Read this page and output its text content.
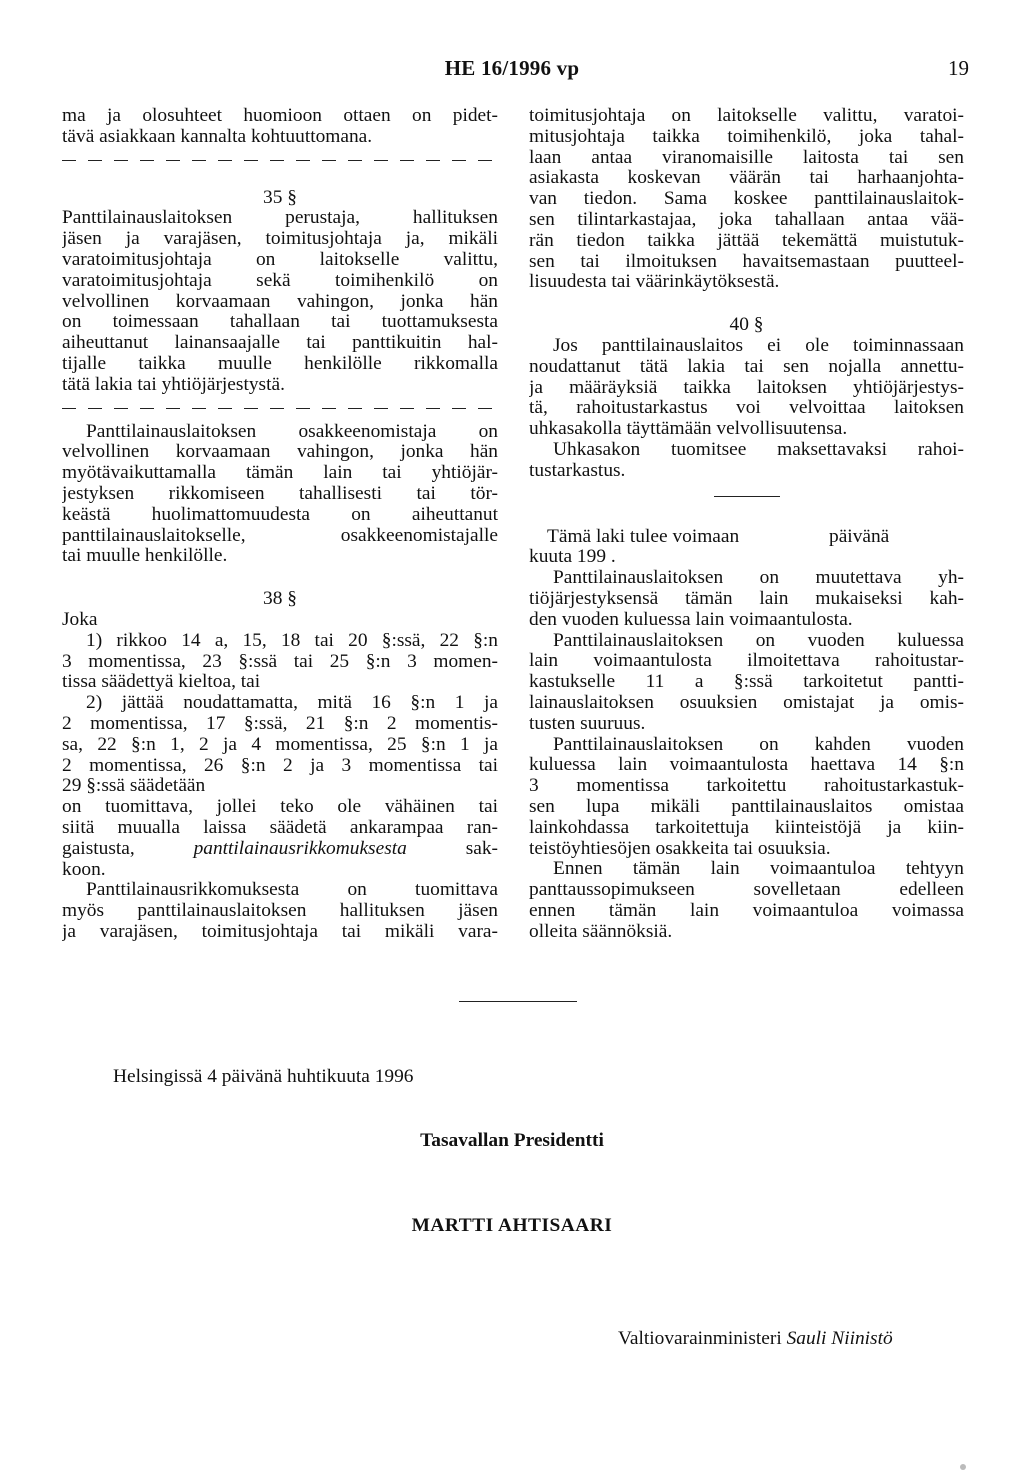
HE 16/1996 vp	19
ma ja olosuhteet huomioon ottaen on pidet-
tävä asiakkaan kannalta kohtuuttomana.
35 §
Panttilainauslaitoksen perustaja, hallituksen
jäsen ja varajäsen, toimitusjohtaja ja, mikäli
varatoimitusjohtaja on laitokselle valittu,
varatoimitusjohtaja sekä toimihenkilö on
velvollinen korvaamaan vahingon, jonka hän
on toimessaan tahallaan tai tuottamuksesta
aiheuttanut lainansaajalle tai panttikuitin hal-
tijalle taikka muulle henkilölle rikkomalla
tätä lakia tai yhtiöjärjestystä.
Panttilainauslaitoksen osakkeenomistaja on
velvollinen korvaamaan vahingon, jonka hän
myötävaikuttamalla tämän lain tai yhtiöjär-
jestyksen rikkomiseen tahallisesti tai tör-
keästä huolimattomuudesta on aiheuttanut
panttilainauslaitokselle, osakkeenomistajalle
tai muulle henkilölle.
38 §
Joka
1) rikkoo 14 a, 15, 18 tai 20 §:ssä, 22 §:n
3 momentissa, 23 §:ssä tai 25 §:n 3 momen-
tissa säädettyä kieltoa, tai
2) jättää noudattamatta, mitä 16 §:n 1 ja
2 momentissa, 17 §:ssä, 21 §:n 2 momentis-
sa, 22 §:n 1, 2 ja 4 momentissa, 25 §:n 1 ja
2 momentissa, 26 §:n 2 ja 3 momentissa tai
29 §:ssä säädetään
on tuomittava, jollei teko ole vähäinen tai
siitä muualla laissa säädetä ankarampaa ran-
gaistusta, panttilainausrikkomuksesta sak-
koon.
Panttilainausrikkomuksesta on tuomittava
myös panttilainauslaitoksen hallituksen jäsen
ja varajäsen, toimitusjohtaja tai mikäli vara-
toimitusjohtaja on laitokselle valittu, varatoi-
mitusjohtaja taikka toimihenkilö, joka tahal-
laan antaa viranomaisille laitosta tai sen
asiakasta koskevan väärän tai harhaanjohta-
van tiedon. Sama koskee panttilainauslaitok-
sen tilintarkastajaa, joka tahallaan antaa vää-
rän tiedon taikka jättää tekemättä muistutuk-
sen tai ilmoituksen havaitsemastaan puutteel-
lisuudesta tai väärinkäytöksestä.
40 §
Jos panttilainauslaitos ei ole toiminnassaan
noudattanut tätä lakia tai sen nojalla annettu-
ja määräyksiä taikka laitoksen yhtiöjärjestys-
tä, rahoitustarkastus voi velvoittaa laitoksen
uhkasakolla täyttämään velvollisuutensa.
Uhkasakon tuomitsee maksettavaksi rahoi-
tustarkastus.
Tämä laki tulee voimaan	päivänä
kuuta 199 .
Panttilainauslaitoksen on muutettava yh-
tiöjärjestyksensä tämän lain mukaiseksi kah-
den vuoden kuluessa lain voimaantulosta.
Panttilainauslaitoksen on vuoden kuluessa
lain voimaantulosta ilmoitettava rahoitustar-
kastukselle 11 a §:ssä tarkoitetut pantti-
lainauslaitoksen osuuksien omistajat ja omis-
tusten suuruus.
Panttilainauslaitoksen on kahden vuoden
kuluessa lain voimaantulosta haettava 14 §:n
3 momentissa tarkoitettu rahoitustarkastuk-
sen lupa mikäli panttilainauslaitos omistaa
lainkohdassa tarkoitettuja kiinteistöjä ja kiin-
teistöyhtiesöjen osakkeita tai osuuksia.
Ennen tämän lain voimaantuloa tehtyyn
panttaussopimukseen sovelletaan edelleen
ennen tämän lain voimaantuloa voimassa
olleita säännöksiä.
Helsingissä 4 päivänä huhtikuuta 1996
Tasavallan Presidentti
MARTTI AHTISAARI
Valtiovarainministeri Sauli Niinistö
